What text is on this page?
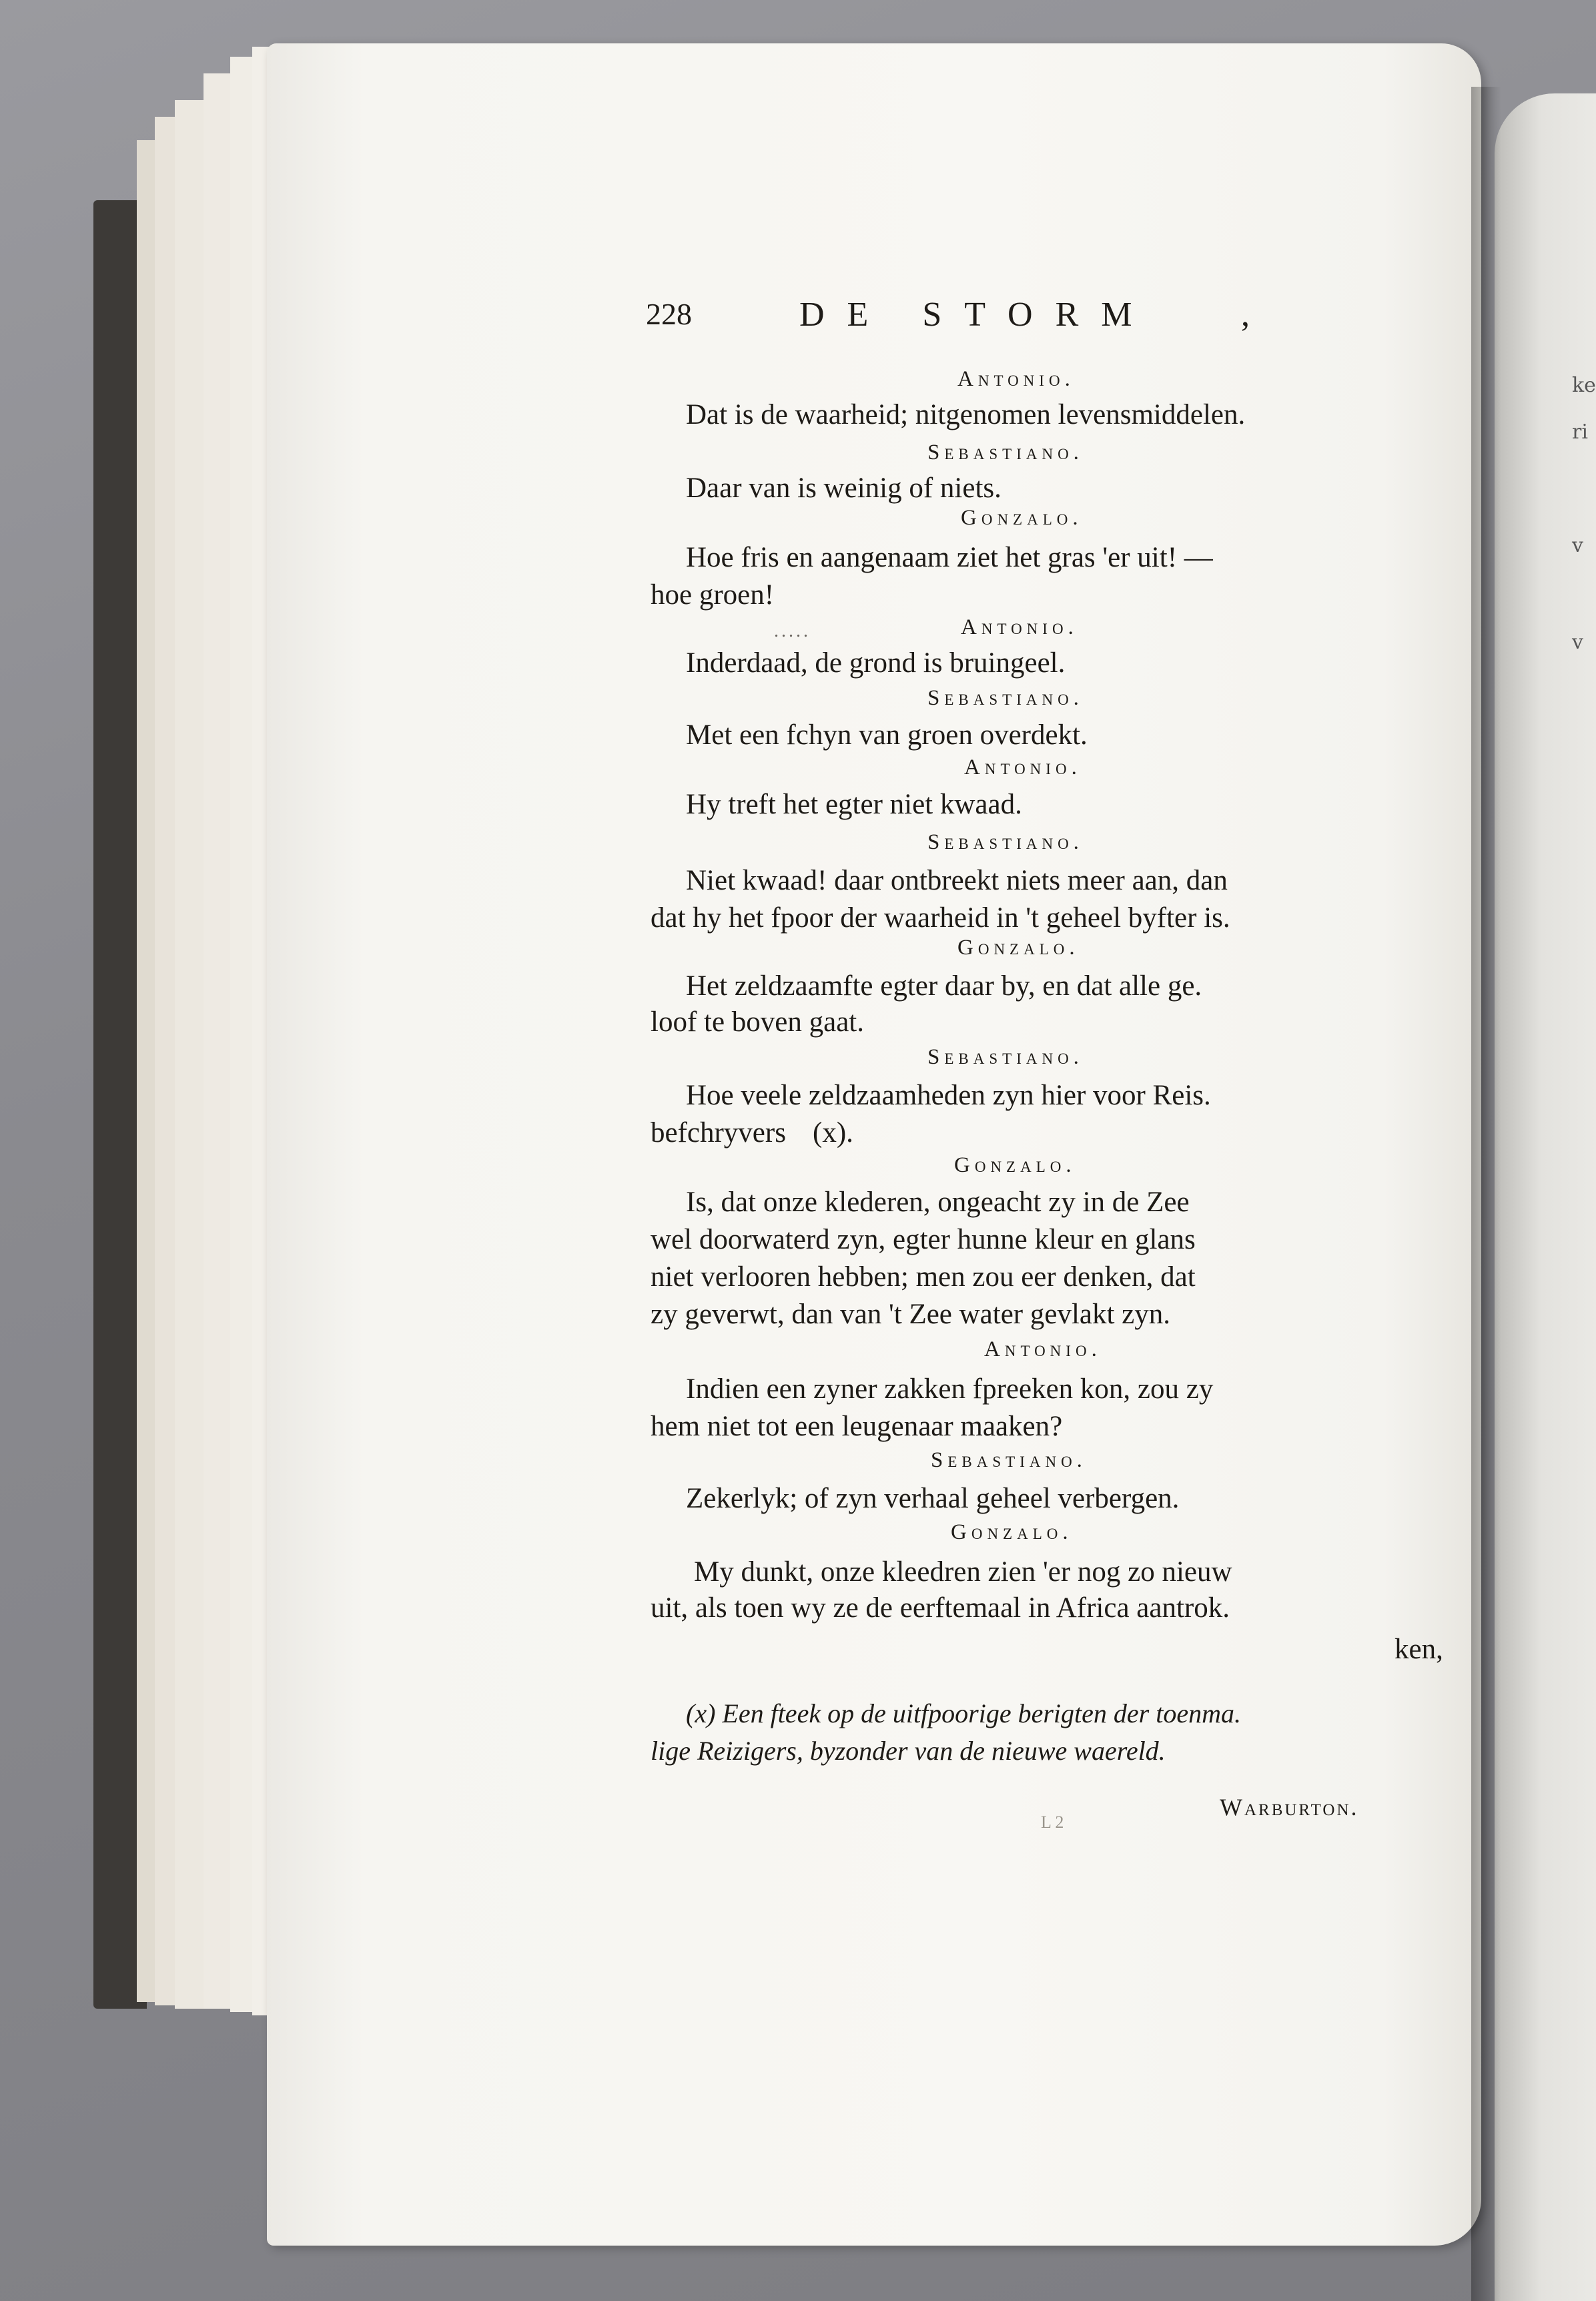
ke
ri
v
v
228	DE STORM ,
Antonio.
Dat is de waarheid; nitgenomen levensmiddelen.
Sebastiano.
Daar van is weinig of niets.
Gonzalo.
Hoe fris en aangenaam ziet het gras 'er uit! —
hoe groen!
.....	Antonio.
Inderdaad, de grond is bruingeel.
Sebastiano.
Met een fchyn van groen overdekt.
Antonio.
Hy treft het egter niet kwaad.
Sebastiano.
Niet kwaad! daar ontbreekt niets meer aan, dan
dat hy het fpoor der waarheid in 't geheel byfter is.
Gonzalo.
Het zeldzaamfte egter daar by, en dat alle ge.
loof te boven gaat.
Sebastiano.
Hoe veele zeldzaamheden zyn hier voor Reis.
befchryvers (x).
Gonzalo.
Is, dat onze klederen, ongeacht zy in de Zee
wel doorwaterd zyn, egter hunne kleur en glans
niet verlooren hebben; men zou eer denken, dat
zy geverwt, dan van 't Zee water gevlakt zyn.
Antonio.
Indien een zyner zakken fpreeken kon, zou zy
hem niet tot een leugenaar maaken?
Sebastiano.
Zekerlyk; of zyn verhaal geheel verbergen.
Gonzalo.
My dunkt, onze kleedren zien 'er nog zo nieuw
uit, als toen wy ze de eerftemaal in Africa aantrok.
ken,
(x) Een fteek op de uitfpoorige berigten der toenma.
lige Reizigers, byzonder van de nieuwe waereld.
Warburton.
L 2
